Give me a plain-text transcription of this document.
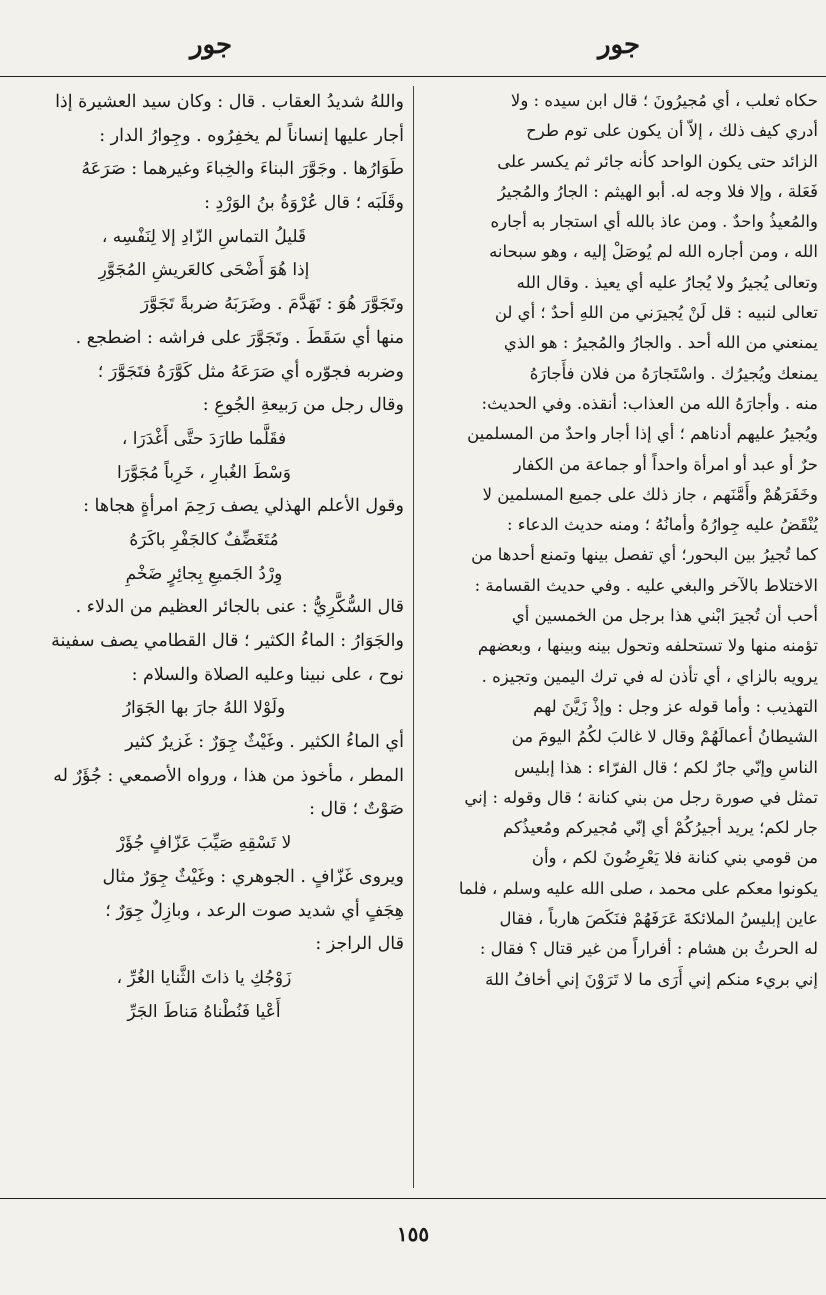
جور
جور
حكاه ثعلب ، أي مُجيرُونَ ؛ قال ابن سيده : ولا
أدري كيف ذلك ، إلاّ أن يكون على توم طرح
الزائد حتى يكون الواحد كأنه جائر ثم يكسر على
فَعَلة ، وإلا فلا وجه له. أبو الهيثم : الجارُ والمُجيرُ
والمُعيذُ واحدٌ . ومن عاذ بالله أي استجار به أجاره
الله ، ومن أجاره الله لم يُوصَلْ إليه ، وهو سبحانه
وتعالى يُجيرُ ولا يُجارُ عليه أي يعيذ . وقال الله
تعالى لنبيه : قل لَنْ يُجيرَني من اللهِ أحدٌ ؛ أي لن
يمنعني من الله أحد . والجارُ والمُجيرُ : هو الذي
يمنعك ويُجيرُك . واسْتَجارَهُ من فلان فأَجارَهُ
منه . وأجارَهُ الله من العذاب: أنقذه. وفي الحديث:
ويُجيرُ عليهم أدناهم ؛ أي إذا أجار واحدٌ من المسلمين
حرٌ أو عبد أو امرأة واحداً أو جماعة من الكفار
وخَفَرَهُمْ وأَمَّنَهم ، جاز ذلك على جميع المسلمين لا
يُنْقَضُ عليه جِوارُهُ وأمانُهُ ؛ ومنه حديث الدعاء :
كما تُجيرُ بين البحور؛ أي تفصل بينها وتمنع أحدها من
الاختلاط بالآخر والبغي عليه . وفي حديث القسامة :
أحب أن تُجيرَ ابْني هذا برجل من الخمسين أي
تؤمنه منها ولا تستحلفه وتحول بينه وبينها ، وبعضهم
يرويه بالزاي ، أي تأذن له في ترك اليمين وتجيزه .
التهذيب : وأما قوله عز وجل : وإذْ زَيَّنَ لهم
الشيطانُ أعمالَهُمْ وقال لا غالبَ لكُمُ اليومَ من
الناسِ وإنّي جارٌ لكم ؛ قال الفرّاء : هذا إبليس
تمثل في صورة رجل من بني كنانة ؛ قال وقوله : إني
جار لكم؛ يريد أجيرُكُمْ أي إنّي مُجيركم ومُعيذُكم
من قومي بني كنانة فلا يَعْرِضُونَ لكم ، وأن
يكونوا معكم على محمد ، صلى الله عليه وسلم ، فلما
عاين إبليسُ الملائكةَ عَرَفَهُمْ فنَكَصَ هارباً ، فقال
له الحرثُ بن هشام : أفراراً من غير قتال ؟ فقال :
إني بريء منكم إني أَرَى ما لا تَرَوْنَ إني أخافُ اللهَ
واللهُ شديدُ العقاب . قال : وكان سيد العشيرة إذا
أجار عليها إنساناً لم يخفِرُوه . وجِوارُ الدار :
طَوَارُها . وجَوَّرَ البناءَ والخِباءَ وغيرهما : صَرَعَهُ
وقَلَبَه ؛ قال عُرْوَةُ بنُ الوَرْدِ :
قَليلُ التماسِ الزّادِ إلا لِنَفْسِه ،
إذا هُوَ أَضْحَى كالعَريشِ المُجَوَّرِ
وتَجَوَّرَ هُوَ : تَهَدَّمَ . وضَرَبَهُ ضربةً تَجَوَّرَ
منها أي سَقَطَ . وتَجَوَّرَ على فراشه : اضطجع .
وضربه فجوّره أي صَرَعَهُ مثل كَوَّرَهُ فتَجَوَّرَ ؛
وقال رجل من رَبيعةِ الجُوعِ :
فقَلَّما طارَدَ حتَّى أَغْدَرَا ،
وَسْطَ الغُبارِ ، خَرِباً مُجَوَّرَا
وقول الأعلم الهذلي يصف رَحِمَ امرأةٍ هجاها :
مُتَغَضِّفٌ كالجَفْرِ باكَرَهُ
وِرْدُ الجَميعِ بِجائِرٍ ضَخْمِ
قال السُّكَّرِيُّ : عنى بالجائر العظيم من الدلاء .
والجَوَارُ : الماءُ الكثير ؛ قال القطامي يصف سفينة
نوح ، على نبينا وعليه الصلاة والسلام :
ولَوْلا اللهُ جارَ بها الجَوَارُ
أي الماءُ الكثير . وغَيْثٌ جِوَرٌ : غَزيرٌ كثير
المطر ، مأخوذ من هذا ، ورواه الأصمعي : جُؤَرٌ له
صَوْتٌ ؛ قال :
لا تَسْقِهِ صَيِّبَ عَزّافٍ جُؤَرْ
ويروى غَزّافٍ . الجوهري : وغَيْثٌ جِوَرٌ مثال
هِجَفٍ أي شديد صوت الرعد ، وبازِلٌ جِوَرٌ ؛
قال الراجز :
زَوْجُكِ يا ذاتَ الثَّنايا الغُرِّ ،
أَعْيا فَنُطْناهُ مَناطَ الجَرِّ
١٥٥
